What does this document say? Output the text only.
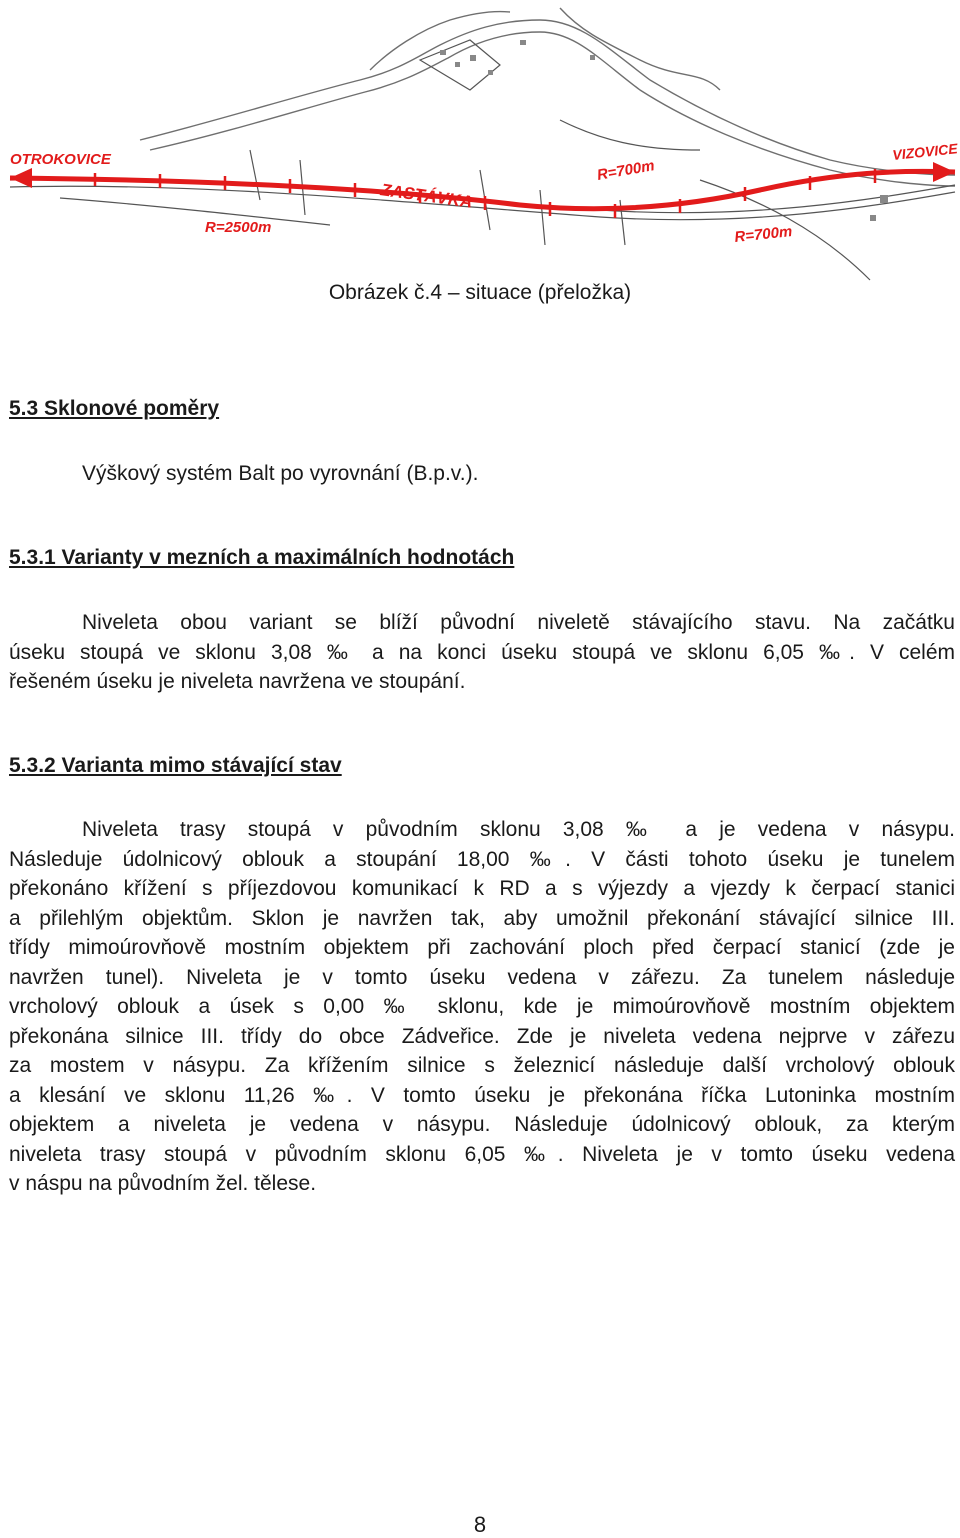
OTROKOVICE	VIZOVICE
ZASTÁVKA
R=2500m
R=700m
R=700m

Obrázek č.4 – situace (přeložka)

5.3 Sklonové poměry

Výškový systém Balt po vyrovnání (B.p.v.).

5.3.1 Varianty v mezních a maximálních hodnotách
Niveleta obou variant se blíží původní niveletě stávajícího stavu. Na začátku
úseku stoupá ve sklonu 3,08 ‰ a na konci úseku stoupá ve sklonu 6,05 ‰. V celém
řešeném úseku je niveleta navržena ve stoupání.
5.3.2 Varianta mimo stávající stav
Niveleta trasy stoupá v původním sklonu 3,08 ‰ a je vedena v násypu.
Následuje údolnicový oblouk a stoupání 18,00 ‰. V části tohoto úseku je tunelem
překonáno křížení s příjezdovou komunikací k RD a s výjezdy a vjezdy k čerpací stanici
a přilehlým objektům. Sklon je navržen tak, aby umožnil překonání stávající silnice III.
třídy mimoúrovňově mostním objektem při zachování ploch před čerpací stanicí (zde je
navržen tunel). Niveleta je v tomto úseku vedena v zářezu. Za tunelem následuje
vrcholový oblouk a úsek s 0,00 ‰ sklonu, kde je mimoúrovňově mostním objektem
překonána silnice III. třídy do obce Zádveřice. Zde je niveleta vedena nejprve v zářezu
za mostem v násypu. Za křížením silnice s železnicí následuje další vrcholový oblouk
a klesání ve sklonu 11,26 ‰. V tomto úseku je překonána říčka Lutoninka mostním
objektem a niveleta je vedena v násypu. Následuje údolnicový oblouk, za kterým
niveleta trasy stoupá v původním sklonu 6,05 ‰. Niveleta je v tomto úseku vedena
v náspu na původním žel. tělese.

8
